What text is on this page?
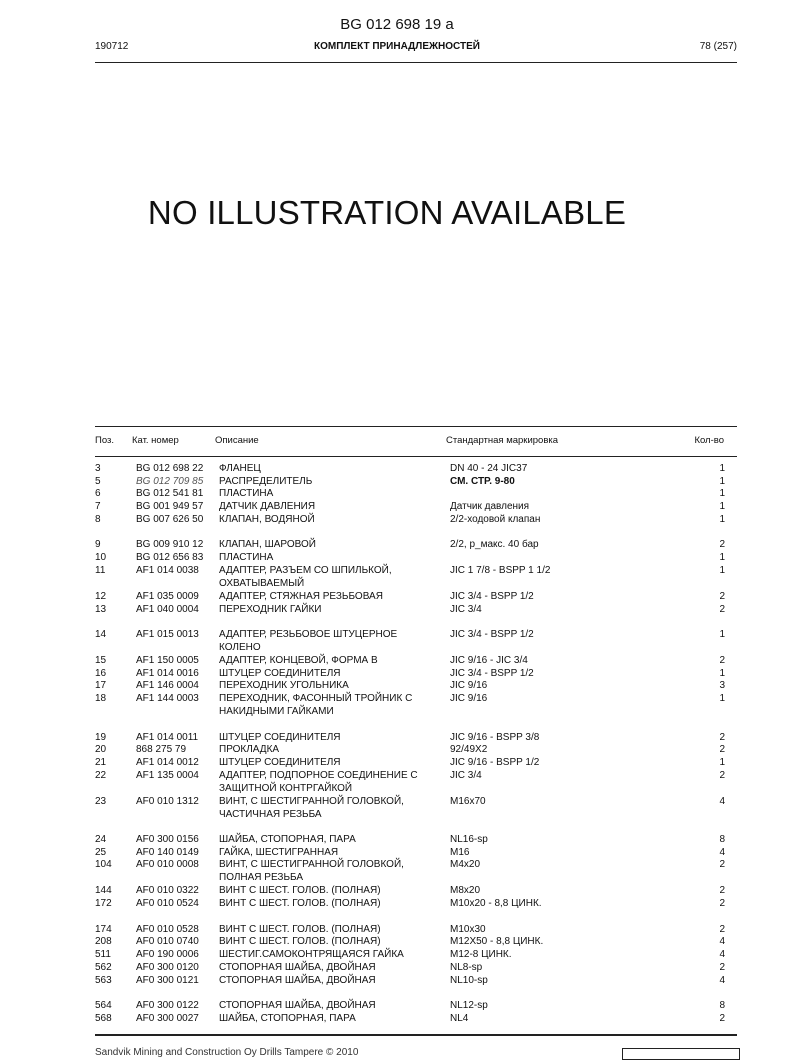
BG 012 698 19 a
190712	КОМПЛЕКТ ПРИНАДЛЕЖНОСТЕЙ	78 (257)
NO ILLUSTRATION AVAILABLE
Поз. Кат. номер	Описание	Стандартная маркировка	Кол-во
3	BG 012 698 22 ФЛАНЕЦ	DN 40 - 24 JIC37	1
5	BG 012 709 85 РАСПРЕДЕЛИТЕЛЬ	СМ. СТР. 9-80	1
6	BG 012 541 81 ПЛАСТИНА	1
7	BG 001 949 57 ДАТЧИК ДАВЛЕНИЯ	Датчик давления	1
8	BG 007 626 50 КЛАПАН, ВОДЯНОЙ	2/2-ходовой клапан	1
9	BG 009 910 12 КЛАПАН, ШАРОВОЙ	2/2, р_макс. 40 бар	2
10	BG 012 656 83 ПЛАСТИНА	1
11	AF1 014 0038 АДАПТЕР, РАЗЪЕМ СО ШПИЛЬКОЙ, ОХВАТЫВАЕМЫЙ
JIC 1 7/8 - BSPP 1 1/2	1
12	AF1 035 0009 АДАПТЕР, СТЯЖНАЯ РЕЗЬБОВАЯ	JIC 3/4 - BSPP 1/2	2
13	AF1 040 0004 ПЕРЕХОДНИК ГАЙКИ	JIC 3/4	2
14	AF1 015 0013 АДАПТЕР, РЕЗЬБОВОЕ ШТУЦЕРНОЕ КОЛЕНО
JIC 3/4 - BSPP 1/2	1
15	AF1 150 0005 АДАПТЕР, КОНЦЕВОЙ, ФОРМА В	JIC 9/16 - JIC 3/4	2
16	AF1 014 0016 ШТУЦЕР СОЕДИНИТЕЛЯ	JIC 3/4 - BSPP 1/2	1
17	AF1 146 0004 ПЕРЕХОДНИК УГОЛЬНИКА	JIC 9/16	3
18	AF1 144 0003 ПЕРЕХОДНИК, ФАСОННЫЙ ТРОЙНИК С НАКИДНЫМИ ГАЙКАМИ
JIC 9/16	1
19	AF1 014 0011 ШТУЦЕР СОЕДИНИТЕЛЯ	JIC 9/16 - BSPP 3/8	2
20	868 275 79	ПРОКЛАДКА	92/49X2	2
21	AF1 014 0012 ШТУЦЕР СОЕДИНИТЕЛЯ	JIC 9/16 - BSPP 1/2	1
22	AF1 135 0004 АДАПТЕР, ПОДПОРНОЕ СОЕДИНЕНИЕ С ЗАЩИТНОЙ КОНТРГАЙКОЙ
JIC 3/4	2
23	AF0 010 1312 ВИНТ, С ШЕСТИГРАННОЙ ГОЛОВКОЙ, ЧАСТИЧНАЯ РЕЗЬБА
M16x70	4
24	AF0 300 0156 ШАЙБА, СТОПОРНАЯ, ПАРА	NL16-sp	8
25	AF0 140 0149 ГАЙКА, ШЕСТИГРАННАЯ	M16	4
104 AF0 010 0008 ВИНТ, С ШЕСТИГРАННОЙ ГОЛОВКОЙ, ПОЛНАЯ РЕЗЬБА
M4x20	2
144 AF0 010 0322 ВИНТ С ШЕСТ. ГОЛОВ. (ПОЛНАЯ)	M8x20	2
172 AF0 010 0524 ВИНТ С ШЕСТ. ГОЛОВ. (ПОЛНАЯ)	M10x20 - 8,8 ЦИНК.	2
174 AF0 010 0528 ВИНТ С ШЕСТ. ГОЛОВ. (ПОЛНАЯ)	M10x30	2
208 AF0 010 0740 ВИНТ С ШЕСТ. ГОЛОВ. (ПОЛНАЯ)	M12X50 - 8,8 ЦИНК.	4
511	AF0 190 0006 ШЕСТИГ.САМОКОНТРЯЩАЯСЯ ГАЙКА	M12-8 ЦИНК.	4
562 AF0 300 0120 СТОПОРНАЯ ШАЙБА, ДВОЙНАЯ	NL8-sp	2
563 AF0 300 0121 СТОПОРНАЯ ШАЙБА, ДВОЙНАЯ	NL10-sp	4
564 AF0 300 0122 СТОПОРНАЯ ШАЙБА, ДВОЙНАЯ	NL12-sp	8
568 AF0 300 0027 ШАЙБА, СТОПОРНАЯ, ПАРА	NL4	2
Sandvik Mining and Construction Oy Drills Tampere © 2010
